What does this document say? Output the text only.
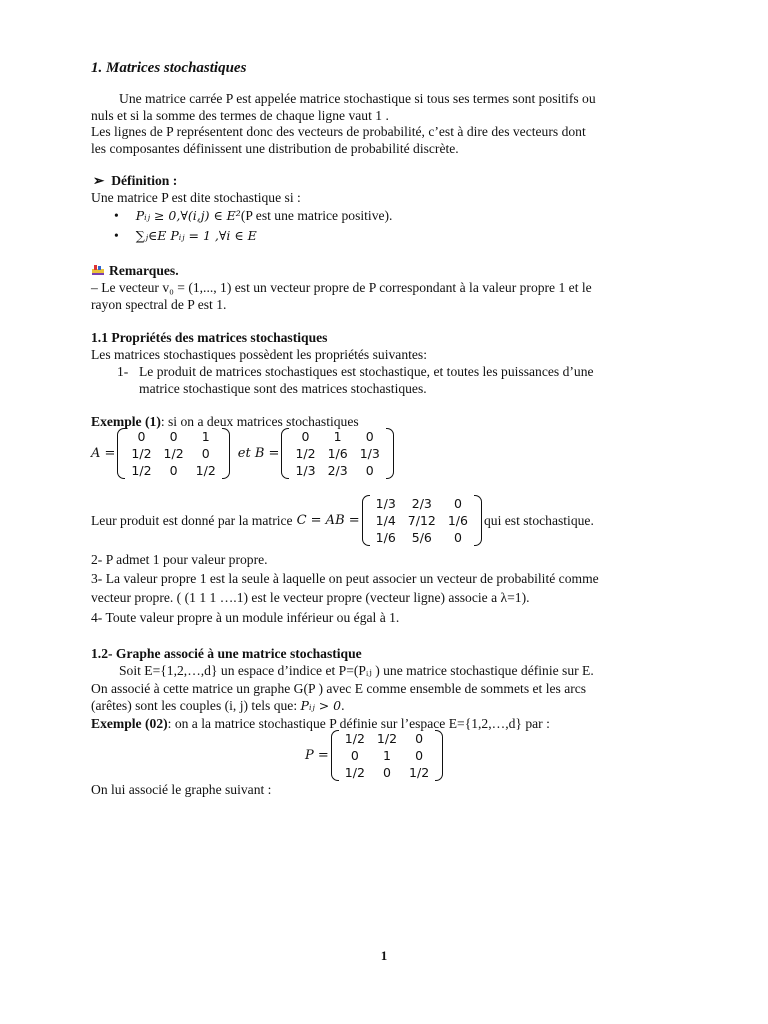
1. Matrices stochastiques
Une matrice carrée P est appelée matrice stochastique si tous ses termes sont positifs ou
nuls et si la somme des termes de chaque ligne vaut 1 .
Les lignes de P représentent donc des vecteurs de probabilité, c’est à dire des vecteurs dont
les composantes définissent une distribution de probabilité discrète.
➢ Définition :
Une matrice P est dite stochastique si :
• Pᵢⱼ ≥ 0,∀(i,j) ∈ E²(P est une matrice positive).
• ∑ⱼ∈E Pᵢⱼ = 1 ,∀i ∈ E
Remarques.
– Le vecteur v₀ = (1,..., 1) est un vecteur propre de P correspondant à la valeur propre 1 et le
rayon spectral de P est 1.
1.1 Propriétés des matrices stochastiques
Les matrices stochastiques possèdent les propriétés suivantes:
1- Le produit de matrices stochastiques est stochastique, et toutes les puissances d’une
matrice stochastique sont des matrices stochastiques.
Exemple (1): si on a deux matrices stochastiques
A =
0	0	1
1/2	1/2	0
1/2	0	1/2
et B =
0	1	0
1/2	1/6	1/3
1/3	2/3	0
Leur produit est donné par la matrice C = AB =
1/3	2/3	0
1/4	7/12	1/6
1/6	5/6	0
qui est stochastique.
2- P admet 1 pour valeur propre.
3- La valeur propre 1 est la seule à laquelle on peut associer un vecteur de probabilité comme
vecteur propre. ( (1 1 1 ….1) est le vecteur propre (vecteur ligne) associe a λ=1).
4- Toute valeur propre à un module inférieur ou égal à 1.
1.2- Graphe associé à une matrice stochastique
Soit E={1,2,…,d} un espace d’indice et P=(Pᵢⱼ ) une matrice stochastique définie sur E.
On associé à cette matrice un graphe G(P ) avec E comme ensemble de sommets et les arcs
(arêtes) sont les couples (i, j) tels que: Pᵢⱼ > 0.
Exemple (02): on a la matrice stochastique P définie sur l’espace E={1,2,…,d} par :
P =
1/2	1/2	0
0	1	0
1/2	0	1/2
On lui associé le graphe suivant :
1
